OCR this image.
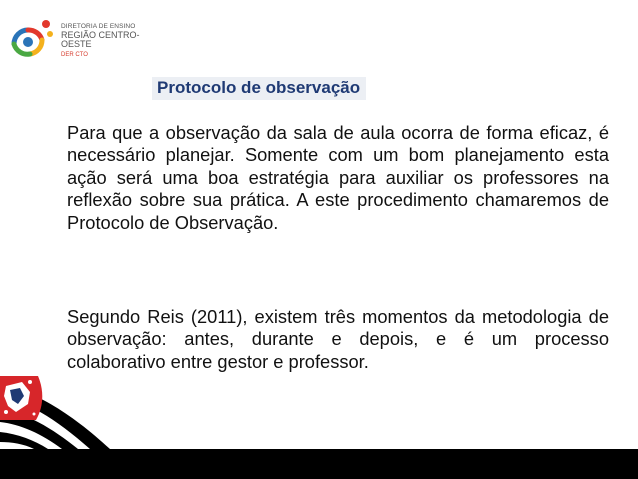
DIRETORIA DE ENSINO
REGIÃO CENTRO-OESTE
DER CTO
Protocolo de observação

Para que a observação da sala de aula ocorra de forma eficaz, é necessário planejar. Somente com um bom planejamento esta ação será uma boa estratégia para auxiliar os professores na reflexão sobre sua prática. A este procedimento chamaremos de Protocolo de Observação.

Segundo Reis (2011), existem três momentos da metodologia de observação: antes, durante e depois, e é um processo colaborativo entre gestor e professor.
